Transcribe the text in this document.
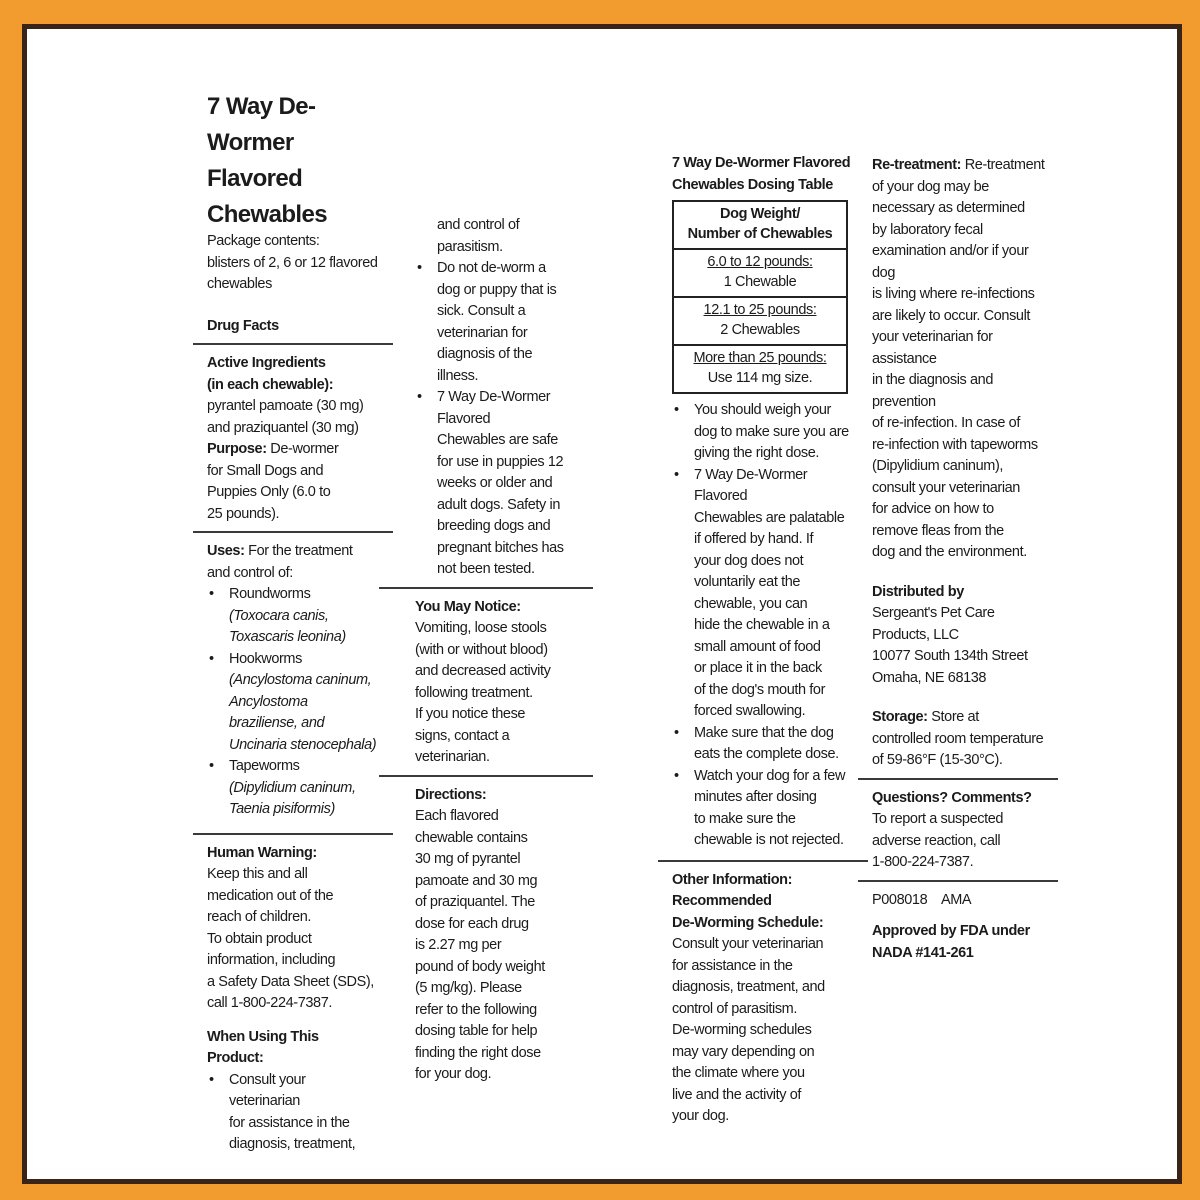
7 Way De-Wormer
Flavored
Chewables
Package contents:
blisters of 2, 6 or 12 flavored
chewables
Drug Facts
Active Ingredients
(in each chewable):
pyrantel pamoate (30 mg)
and praziquantel (30 mg)
Purpose: De-wormer
for Small Dogs and
Puppies Only (6.0 to
25 pounds).
Uses: For the treatment
and control of:
• Roundworms
(Toxocara canis,
Toxascaris leonina)
• Hookworms
(Ancylostoma caninum,
Ancylostoma
braziliense, and
Uncinaria stenocephala)
• Tapeworms
(Dipylidium caninum,
Taenia pisiformis)
Human Warning:
Keep this and all
medication out of the
reach of children.
To obtain product
information, including
a Safety Data Sheet (SDS),
call 1-800-224-7387.
When Using This
Product:
• Consult your veterinarian
for assistance in the
diagnosis, treatment,
and control of
parasitism.
• Do not de-worm a
dog or puppy that is
sick. Consult a
veterinarian for
diagnosis of the
illness.
• 7 Way De-Wormer Flavored
Chewables are safe
for use in puppies 12
weeks or older and
adult dogs. Safety in
breeding dogs and
pregnant bitches has
not been tested.
You May Notice:
Vomiting, loose stools
(with or without blood)
and decreased activity
following treatment.
If you notice these
signs, contact a
veterinarian.
Directions:
Each flavored
chewable contains
30 mg of pyrantel
pamoate and 30 mg
of praziquantel. The
dose for each drug
is 2.27 mg per
pound of body weight
(5 mg/kg). Please
refer to the following
dosing table for help
finding the right dose
for your dog.
7 Way De-Wormer Flavored
Chewables Dosing Table
Dog Weight/
Number of Chewables

6.0 to 12 pounds:
1 Chewable

12.1 to 25 pounds:
2 Chewables

More than 25 pounds:
Use 114 mg size.
• You should weigh your
dog to make sure you are
giving the right dose.
• 7 Way De-Wormer Flavored
Chewables are palatable
if offered by hand. If
your dog does not
voluntarily eat the
chewable, you can
hide the chewable in a
small amount of food
or place it in the back
of the dog's mouth for
forced swallowing.
• Make sure that the dog
eats the complete dose.
• Watch your dog for a few
minutes after dosing
to make sure the
chewable is not rejected.
Other Information:
Recommended
De-Worming Schedule:
Consult your veterinarian
for assistance in the
diagnosis, treatment, and
control of parasitism.
De-worming schedules
may vary depending on
the climate where you
live and the activity of
your dog.
Re-treatment: Re-treatment
of your dog may be
necessary as determined
by laboratory fecal
examination and/or if your dog
is living where re-infections
are likely to occur. Consult
your veterinarian for assistance
in the diagnosis and prevention
of re-infection. In case of
re-infection with tapeworms
(Dipylidium caninum),
consult your veterinarian
for advice on how to
remove fleas from the
dog and the environment.
Distributed by
Sergeant's Pet Care Products, LLC
10077 South 134th Street
Omaha, NE 68138
Storage: Store at
controlled room temperature
of 59-86°F (15-30°C).
Questions? Comments?
To report a suspected
adverse reaction, call
1-800-224-7387.
P008018    AMA
Approved by FDA under
NADA #141-261
